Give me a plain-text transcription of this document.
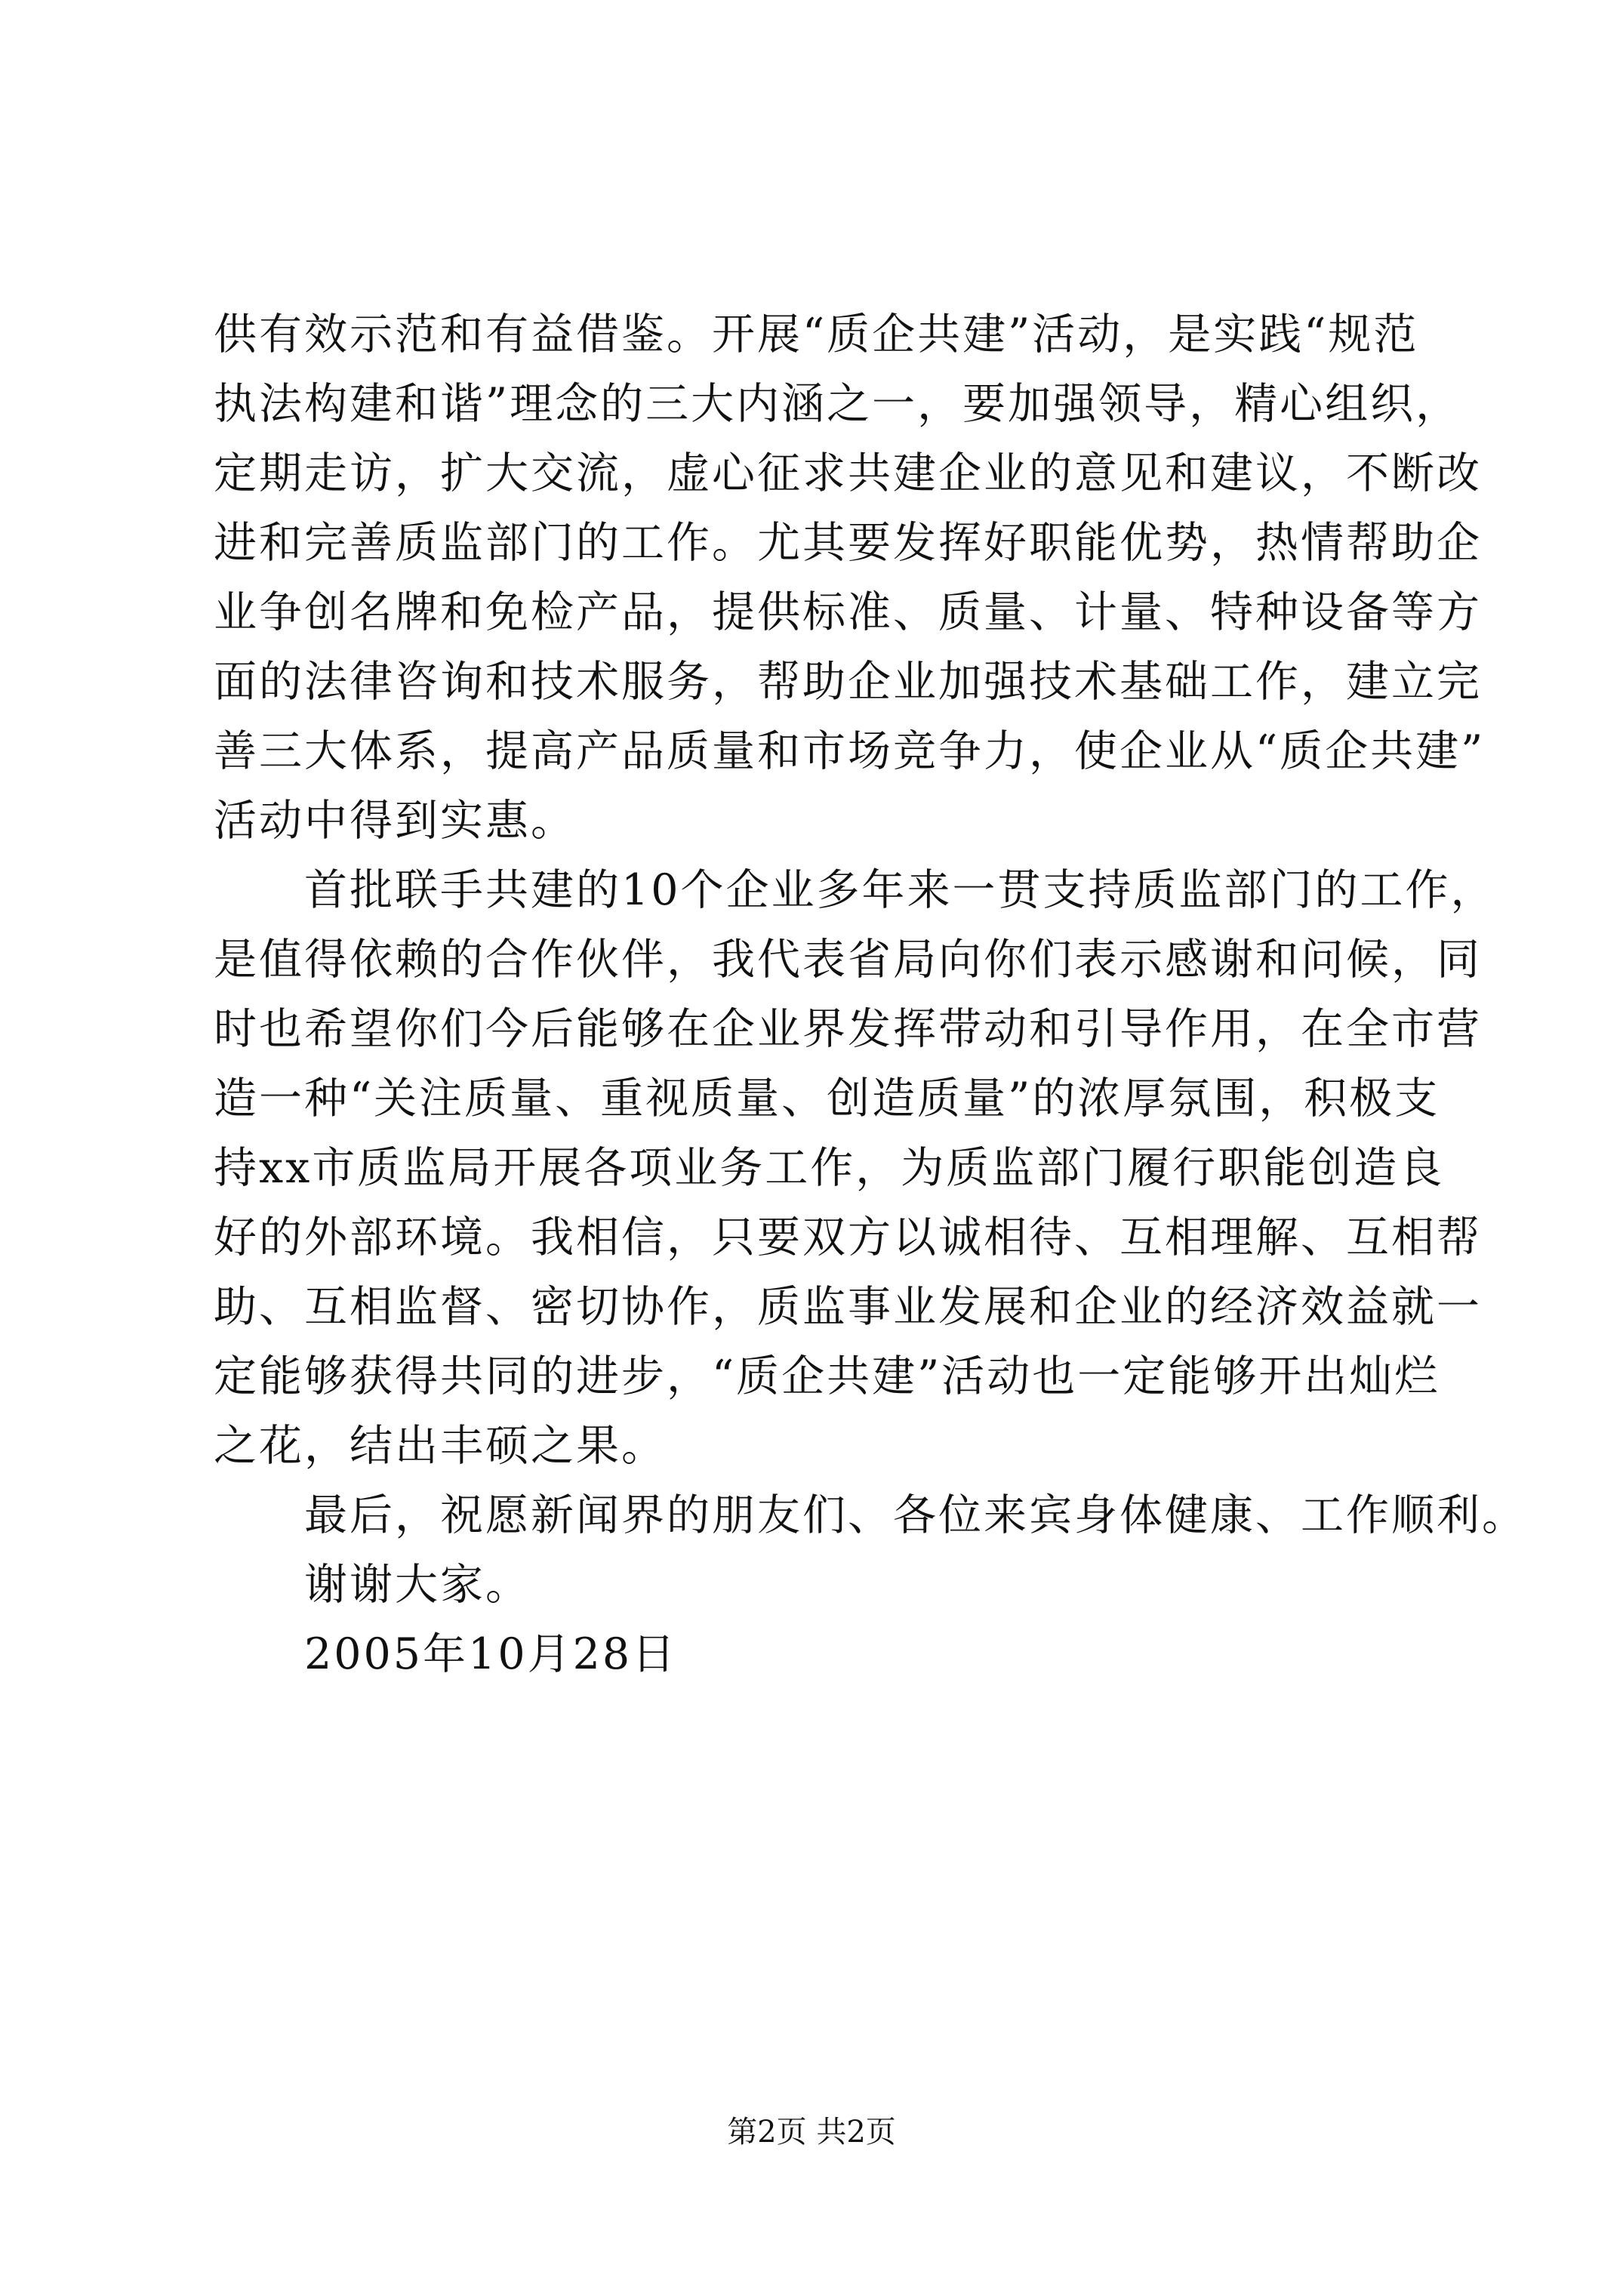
供有效示范和有益借鉴。开展“质企共建”活动，是实践“规范
执法构建和谐”理念的三大内涵之一，要加强领导，精心组织，
定期走访，扩大交流，虚心征求共建企业的意见和建议，不断改
进和完善质监部门的工作。尤其要发挥好职能优势，热情帮助企
业争创名牌和免检产品，提供标准、质量、计量、特种设备等方
面的法律咨询和技术服务，帮助企业加强技术基础工作，建立完
善三大体系，提高产品质量和市场竞争力，使企业从“质企共建”
活动中得到实惠。
首批联手共建的10个企业多年来一贯支持质监部门的工作，
是值得依赖的合作伙伴，我代表省局向你们表示感谢和问候，同
时也希望你们今后能够在企业界发挥带动和引导作用，在全市营
造一种“关注质量、重视质量、创造质量”的浓厚氛围，积极支
持xx市质监局开展各项业务工作，为质监部门履行职能创造良
好的外部环境。我相信，只要双方以诚相待、互相理解、互相帮
助、互相监督、密切协作，质监事业发展和企业的经济效益就一
定能够获得共同的进步，“质企共建”活动也一定能够开出灿烂
之花，结出丰硕之果。
最后，祝愿新闻界的朋友们、各位来宾身体健康、工作顺利。
谢谢大家。
2005年10月28日
第2页 共2页
